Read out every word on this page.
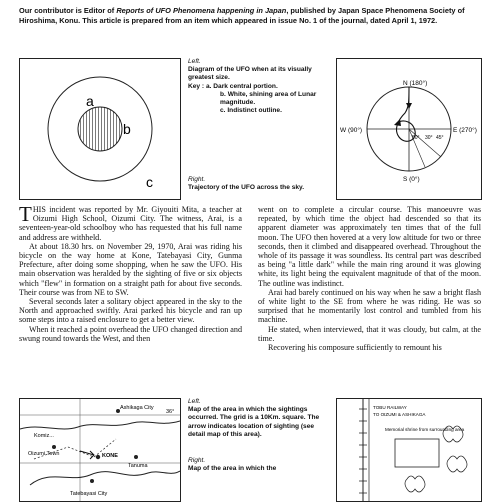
Our contributor is Editor of Reports of UFO Phenomena happening in Japan, published by Japan Space Phenomena Society of Hiroshima, Konu. This article is prepared from an item which appeared in issue No. 1 of the journal, dated April 1, 1972.
a
b
c
Left.
Diagram of the UFO when at its visually greatest size.
Key : a. Dark central portion.
b. White, shining area of Lunar magnitude.
c. Indistinct outline.
Right.
Trajectory of the UFO across the sky.
N (180°)
S (0°)
E (270°)
W (90°)
50° 30° 45°

THIS incident was reported by Mr. Giyouiti Mita, a teacher at Oizumi High School, Oizumi City. The witness, Arai, is a seventeen-year-old schoolboy who has requested that his full name and address are withheld.

At about 18.30 hrs. on November 29, 1970, Arai was riding his bicycle on the way home at Kone, Tatebayasi City, Gunma Prefecture, after doing some shopping, when he saw the UFO. His main observation was heralded by the sighting of five or six objects which "flew" in formation on a straight path for about five seconds. Their course was from NE to SW.

Several seconds later a solitary object appeared in the sky to the North and approached swiftly. Arai parked his bicycle and ran up some steps into a raised enclosure to get a better view.

When it reached a point overhead the UFO changed direction and swung round towards the West, and then

went on to complete a circular course. This manoeuvre was repeated, by which time the object had descended so that its apparent diameter was approximately ten times that of the full moon. The UFO then hovered at a very low altitude for two or three seconds, then it climbed and disappeared overhead. Throughout the whole of its passage it was soundless. Its central part was described as being "a little dark" while the main ring around it was glowing white, its light being the equivalent magnitude of that of the moon. The outline was indistinct.

Arai had barely continued on his way when he saw a bright flash of white light to the SE from where he was riding. He was so surprised that he momentarily lost control and tumbled from his machine.

He stated, when interviewed, that it was cloudy, but calm, at the time.

Recovering his composure sufficiently to remount his

Ashikaga City
Komiz...
Oizumi Town
Tatebayasi City
KONE
Tanuma
36°
Left.
Map of the area in which the sightings occurred. The grid is a 10Km. square. The arrow indicates location of sighting (see detail map of this area).
Right.
Map of the area in which the
TOBU RAILWAY
TO OIZUMI & ASHIKAGA
Memorial shrine from surrounding area
